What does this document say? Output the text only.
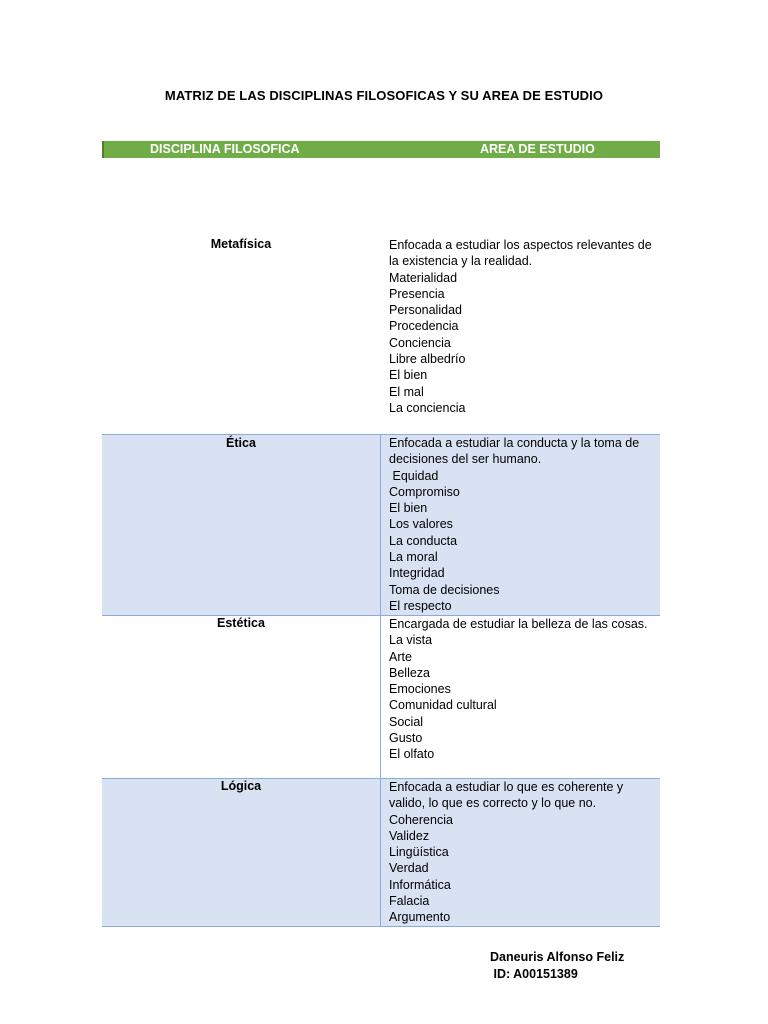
MATRIZ DE LAS DISCIPLINAS FILOSOFICAS Y SU AREA DE ESTUDIO
DISCIPLINA FILOSOFICA	AREA DE ESTUDIO
Metafísica	Enfocada a estudiar los aspectos relevantes de la existencia y la realidad.
Materialidad
Presencia
Personalidad
Procedencia
Conciencia
Libre albedrío
El bien
El mal
La conciencia
Ética	Enfocada a estudiar la conducta y la toma de decisiones del ser humano.
Equidad
Compromiso
El bien
Los valores
La conducta
La moral
Integridad
Toma de decisiones
El respecto
Estética	Encargada de estudiar la belleza de las cosas.
La vista
Arte
Belleza
Emociones
Comunidad cultural
Social
Gusto
El olfato
Lógica	Enfocada a estudiar lo que es coherente y valido, lo que es correcto y lo que no.
Coherencia
Validez
Lingüística
Verdad
Informática
Falacia
Argumento
Daneuris Alfonso Feliz
ID: A00151389
